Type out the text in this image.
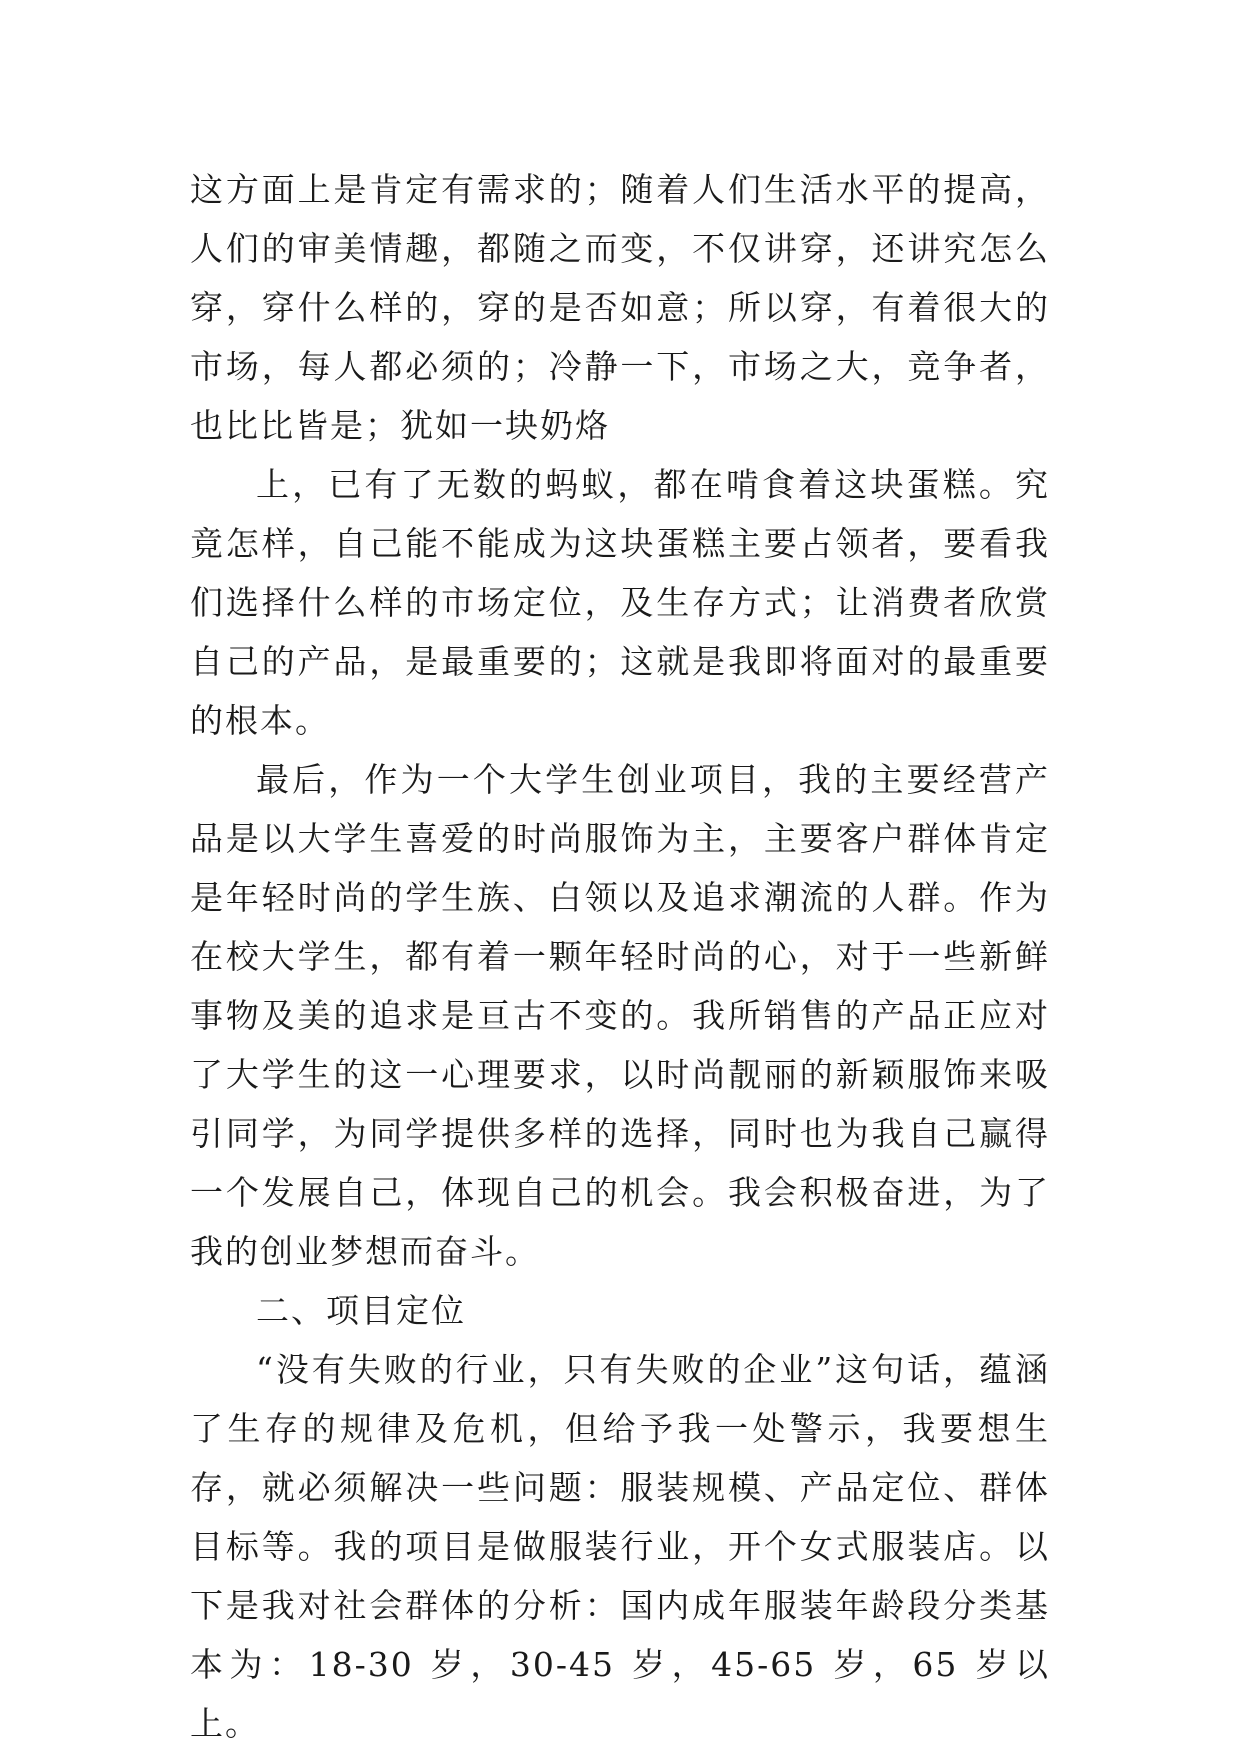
这方面上是肯定有需求的；随着人们生活水平的提高，人们的审美情趣，都随之而变，不仅讲穿，还讲究怎么穿，穿什么样的，穿的是否如意；所以穿，有着很大的市场，每人都必须的；冷静一下，市场之大，竞争者，也比比皆是；犹如一块奶烙

上，已有了无数的蚂蚁，都在啃食着这块蛋糕。究竟怎样，自己能不能成为这块蛋糕主要占领者，要看我们选择什么样的市场定位，及生存方式；让消费者欣赏自己的产品，是最重要的；这就是我即将面对的最重要的根本。

最后，作为一个大学生创业项目，我的主要经营产品是以大学生喜爱的时尚服饰为主，主要客户群体肯定是年轻时尚的学生族、白领以及追求潮流的人群。作为在校大学生，都有着一颗年轻时尚的心，对于一些新鲜事物及美的追求是亘古不变的。我所销售的产品正应对了大学生的这一心理要求，以时尚靓丽的新颖服饰来吸引同学，为同学提供多样的选择，同时也为我自己赢得一个发展自己，体现自己的机会。我会积极奋进，为了我的创业梦想而奋斗。

二、项目定位

“没有失败的行业，只有失败的企业”这句话，蕴涵了生存的规律及危机，但给予我一处警示，我要想生存，就必须解决一些问题：服装规模、产品定位、群体目标等。我的项目是做服装行业，开个女式服装店。以下是我对社会群体的分析：国内成年服装年龄段分类基本为：18-30 岁，30-45 岁，45-65 岁，65 岁以上。
